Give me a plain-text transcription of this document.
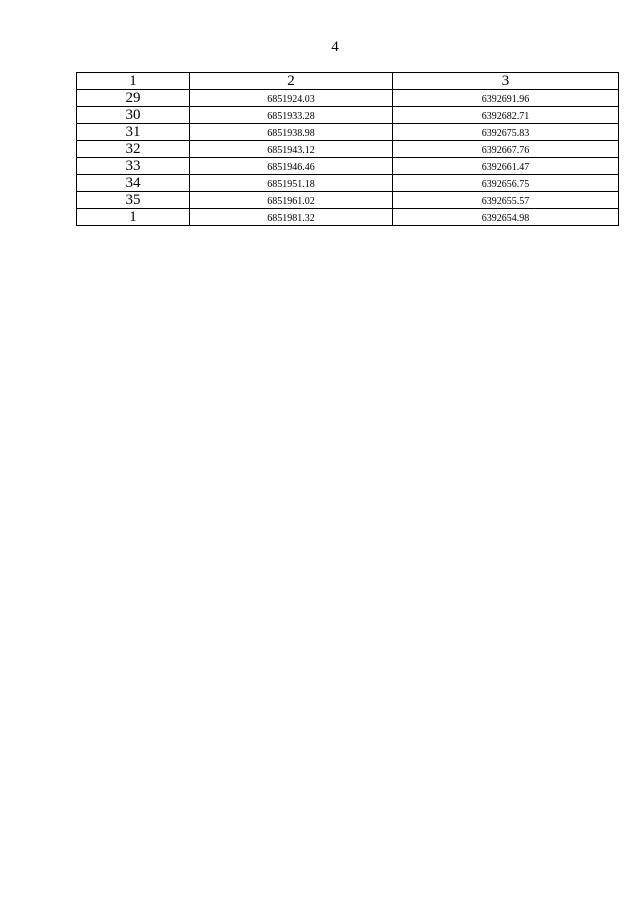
4
1	2	3
29	6851924.03	6392691.96
30	6851933.28	6392682.71
31	6851938.98	6392675.83
32	6851943.12	6392667.76
33	6851946.46	6392661.47
34	6851951.18	6392656.75
35	6851961.02	6392655.57
1	6851981.32	6392654.98
